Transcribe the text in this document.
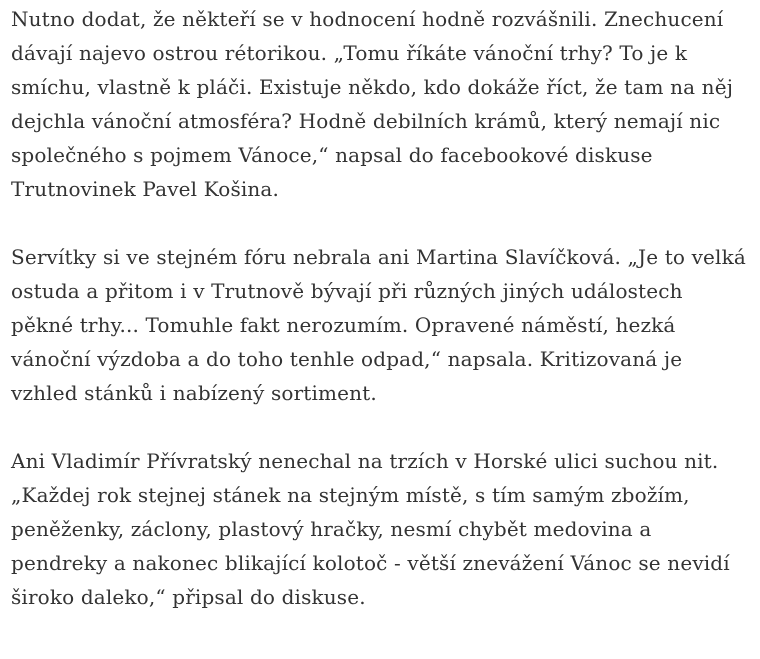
Nutno dodat, že někteří se v hodnocení hodně rozvášnili. Znechucení dávají najevo ostrou rétorikou. „Tomu říkáte vánoční trhy? To je k smíchu, vlastně k pláči. Existuje někdo, kdo dokáže říct, že tam na něj dejchla vánoční atmosféra? Hodně debilních krámů, který nemají nic společného s pojmem Vánoce,“ napsal do facebookové diskuse Trutnovinek Pavel Košina.

Servítky si ve stejném fóru nebrala ani Martina Slavíčková. „Je to velká ostuda a přitom i v Trutnově bývají při různých jiných událostech pěkné trhy... Tomuhle fakt nerozumím. Opravené náměstí, hezká vánoční výzdoba a do toho tenhle odpad,“ napsala. Kritizovaná je vzhled stánků i nabízený sortiment.

Ani Vladimír Přívratský nenechal na trzích v Horské ulici suchou nit. „Každej rok stejnej stánek na stejným místě, s tím samým zbožím, peněženky, záclony, plastový hračky, nesmí chybět medovina a pendreky a nakonec blikající kolotoč - větší znevážení Vánoc se nevidí široko daleko,“ připsal do diskuse.
